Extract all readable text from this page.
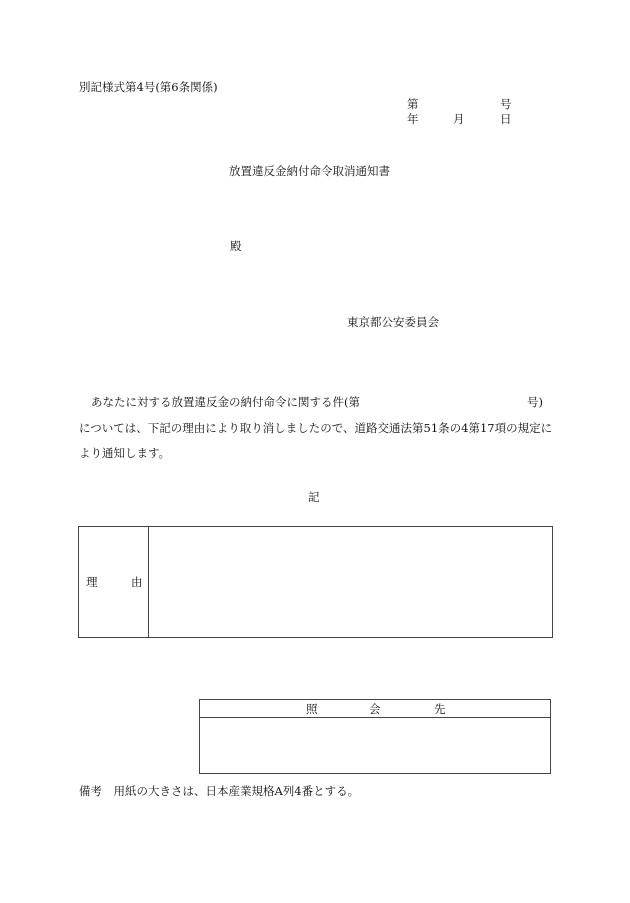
別記様式第4号(第6条関係)
第	号
年	月	日
放置違反金納付命令取消通知書
殿
東京都公安委員会
あなたに対する放置違反金の納付命令に関する件(第	号)
については、下記の理由により取り消しましたので、道路交通法第51条の4第17項の規定に
より通知します。
記
理	由
照	会	先
備考　用紙の大きさは、日本産業規格A列4番とする。
